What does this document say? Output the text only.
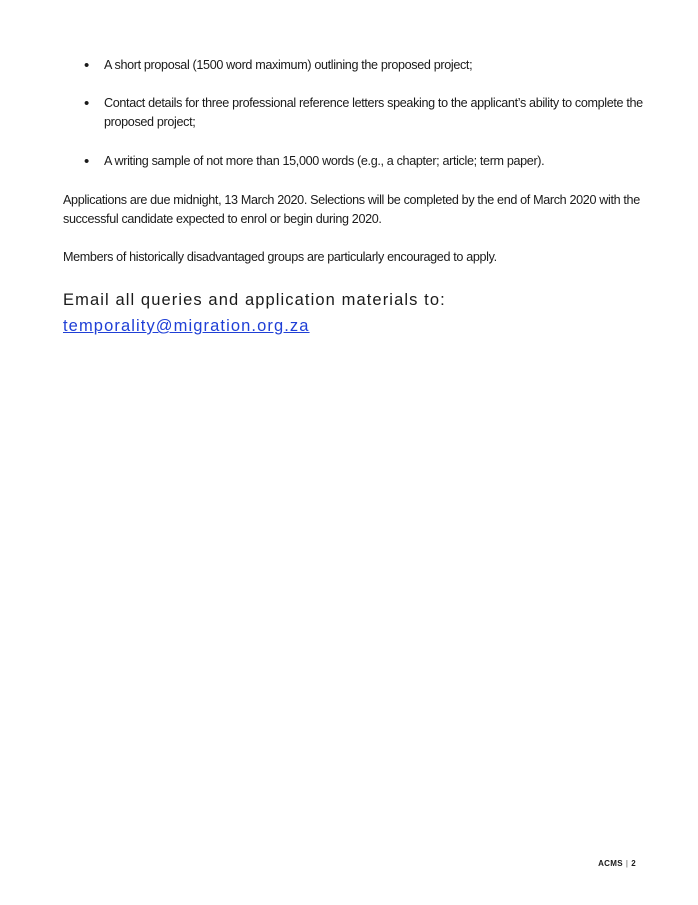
• A short proposal (1500 word maximum) outlining the proposed project;
• Contact details for three professional reference letters speaking to the applicant’s ability to complete the proposed project;
• A writing sample of not more than 15,000 words (e.g., a chapter; article; term paper).

Applications are due midnight, 13 March 2020. Selections will be completed by the end of March 2020 with the successful candidate expected to enrol or begin during 2020.

Members of historically disadvantaged groups are particularly encouraged to apply.

Email all queries and application materials to:
temporality@migration.org.za
ACMS | 2
